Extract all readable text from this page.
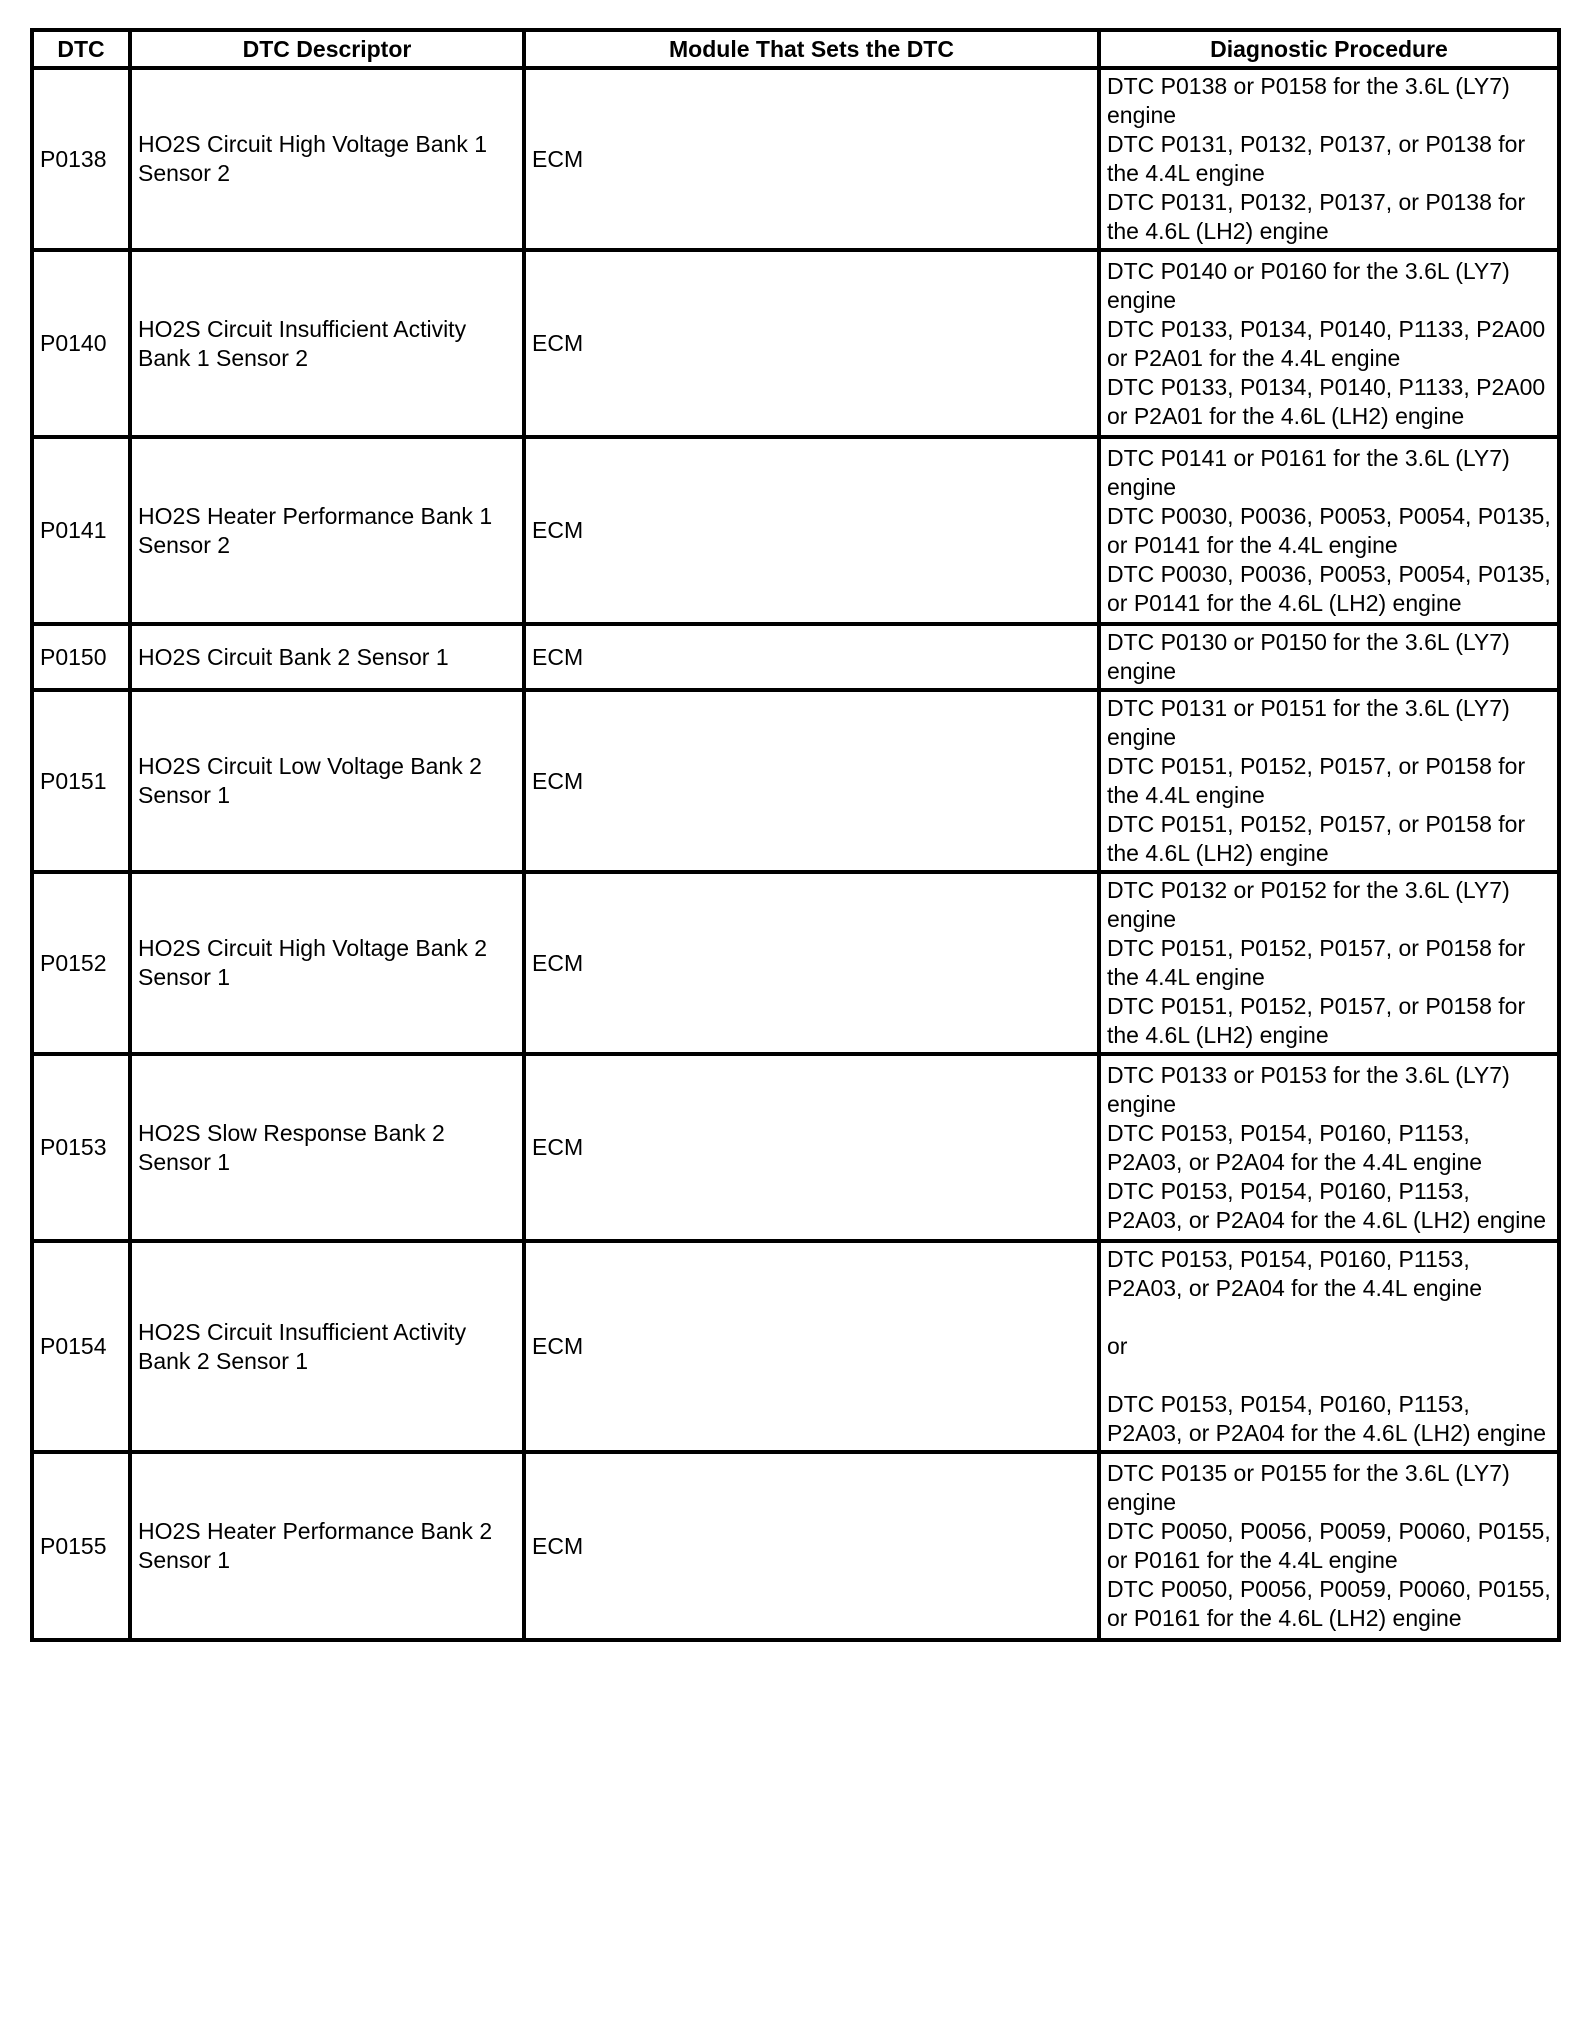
DTC	DTC Descriptor	Module That Sets the DTC	Diagnostic Procedure
P0138	HO2S Circuit High Voltage Bank 1 Sensor 2	ECM	DTC P0138 or P0158 for the 3.6L (LY7) engine
DTC P0131, P0132, P0137, or P0138 for the 4.4L engine
DTC P0131, P0132, P0137, or P0138 for the 4.6L (LH2) engine

P0140	HO2S Circuit Insufficient Activity Bank 1 Sensor 2	ECM	DTC P0140 or P0160 for the 3.6L (LY7) engine
DTC P0133, P0134, P0140, P1133, P2A00 or P2A01 for the 4.4L engine
DTC P0133, P0134, P0140, P1133, P2A00 or P2A01 for the 4.6L (LH2) engine

P0141	HO2S Heater Performance Bank 1 Sensor 2	ECM	DTC P0141 or P0161 for the 3.6L (LY7) engine
DTC P0030, P0036, P0053, P0054, P0135, or P0141 for the 4.4L engine
DTC P0030, P0036, P0053, P0054, P0135, or P0141 for the 4.6L (LH2) engine

P0150	HO2S Circuit Bank 2 Sensor 1	ECM	DTC P0130 or P0150 for the 3.6L (LY7) engine

P0151	HO2S Circuit Low Voltage Bank 2 Sensor 1	ECM	DTC P0131 or P0151 for the 3.6L (LY7) engine
DTC P0151, P0152, P0157, or P0158 for the 4.4L engine
DTC P0151, P0152, P0157, or P0158 for the 4.6L (LH2) engine

P0152	HO2S Circuit High Voltage Bank 2 Sensor 1	ECM	DTC P0132 or P0152 for the 3.6L (LY7) engine
DTC P0151, P0152, P0157, or P0158 for the 4.4L engine
DTC P0151, P0152, P0157, or P0158 for the 4.6L (LH2) engine

P0153	HO2S Slow Response Bank 2 Sensor 1	ECM	DTC P0133 or P0153 for the 3.6L (LY7) engine
DTC P0153, P0154, P0160, P1153, P2A03, or P2A04 for the 4.4L engine
DTC P0153, P0154, P0160, P1153, P2A03, or P2A04 for the 4.6L (LH2) engine

P0154	HO2S Circuit Insufficient Activity Bank 2 Sensor 1	ECM	DTC P0153, P0154, P0160, P1153, P2A03, or P2A04 for the 4.4L engine
or
DTC P0153, P0154, P0160, P1153, P2A03, or P2A04 for the 4.6L (LH2) engine

P0155	HO2S Heater Performance Bank 2 Sensor 1	ECM	DTC P0135 or P0155 for the 3.6L (LY7) engine
DTC P0050, P0056, P0059, P0060, P0155, or P0161 for the 4.4L engine
DTC P0050, P0056, P0059, P0060, P0155, or P0161 for the 4.6L (LH2) engine
